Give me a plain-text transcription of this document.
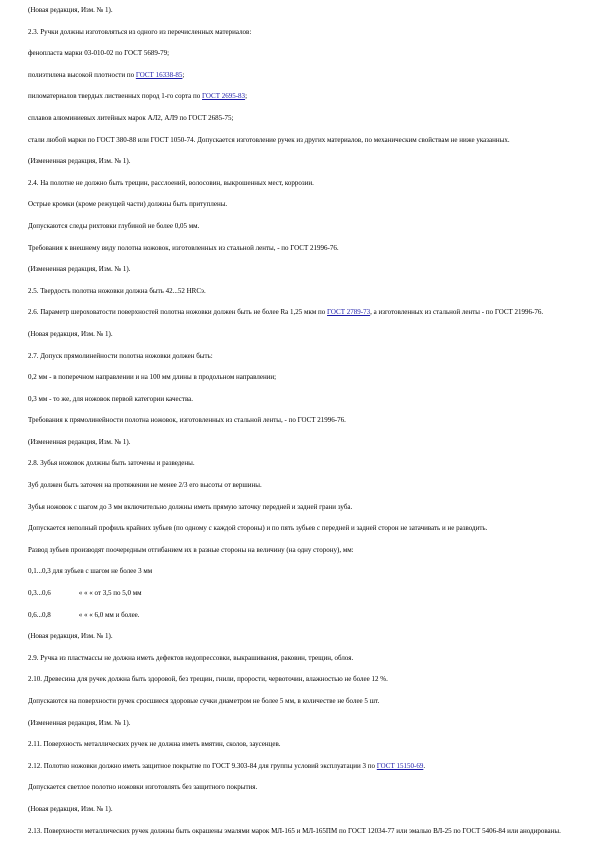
(Новая редакция, Изм. № 1).

2.3. Ручки должны изготовляться из одного из перечисленных материалов:

фенопласта марки 03-010-02 по ГОСТ 5689-79;

полиэтилена высокой плотности по ГОСТ 16338-85;

пиломатериалов твердых лиственных пород 1-го сорта по ГОСТ 2695-83;

сплавов алюминиевых литейных марок АЛ2, АЛ9 по ГОСТ 2685-75;

стали любой марки по ГОСТ 380-88 или ГОСТ 1050-74. Допускается изготовление ручек из других материалов, по механическим свойствам не ниже указанных.

(Измененная редакция, Изм. № 1).

2.4. На полотне не должно быть трещин, расслоений, волосовин, выкрошенных мест, коррозии.

Острые кромки (кроме режущей части) должны быть притуплены.

Допускаются следы рихтовки глубиной не более 0,05 мм.

Требования к внешнему виду полотна ножовок, изготовленных из стальной ленты, - по ГОСТ 21996-76.

(Измененная редакция, Изм. № 1).

2.5. Твердость полотна ножовки должна быть 42...52 HRCэ.

2.6. Параметр шероховатости поверхностей полотна ножовки должен быть не более Ra 1,25 мкм по ГОСТ 2789-73, а изготовленных из стальной ленты - по ГОСТ 21996-76.

(Новая редакция, Изм. № 1).

2.7. Допуск прямолинейности полотна ножовки должен быть:

0,2 мм - в поперечном направлении и на 100 мм длины в продольном направлении;

0,3 мм - то же, для ножовок первой категории качества.

Требования к прямолинейности полотна ножовок, изготовленных из стальной ленты, - по ГОСТ 21996-76.

(Измененная редакция, Изм. № 1).

2.8. Зубья ножовок должны быть заточены и разведены.

Зуб должен быть заточен на протяжении не менее 2/3 его высоты от вершины.

Зубья ножовок с шагом до 3 мм включительно должны иметь прямую заточку передней и задней грани зуба.

Допускается неполный профиль крайних зубьев (по одному с каждой стороны) и по пять зубьев с передней и задней сторон не затачивать и не разводить.

Развод зубьев производят поочередным отгибанием их в разные стороны на величину (на одну сторону), мм:

0,1...0,3 для зубьев с шагом не более 3 мм

0,3...0,6	« « « от 3,5 по 5,0 мм

0,6...0,8	« « « 6,0 мм и более.

(Новая редакция, Изм. № 1).

2.9. Ручка из пластмассы не должна иметь дефектов недопрессовки, выкрашивания, раковин, трещин, облоя.

2.10. Древесина для ручек должна быть здоровой, без трещин, гнили, прорости, червоточин, влажностью не более 12 %.

Допускаются на поверхности ручек сросшиеся здоровые сучки диаметром не более 5 мм, в количестве не более 5 шт.

(Измененная редакция, Изм. № 1).

2.11. Поверхность металлических ручек не должна иметь вмятин, сколов, заусенцев.

2.12. Полотно ножовки должно иметь защитное покрытие по ГОСТ 9.303-84 для группы условий эксплуатации 3 по ГОСТ 15150-69.

Допускается светлое полотно ножовки изготовлять без защитного покрытия.

(Новая редакция, Изм. № 1).

2.13. Поверхности металлических ручек должны быть окрашены эмалями марок МЛ-165 и МЛ-165ПМ по ГОСТ 12034-77 или эмалью ВЛ-25 по ГОСТ 5406-84 или анодированы.
